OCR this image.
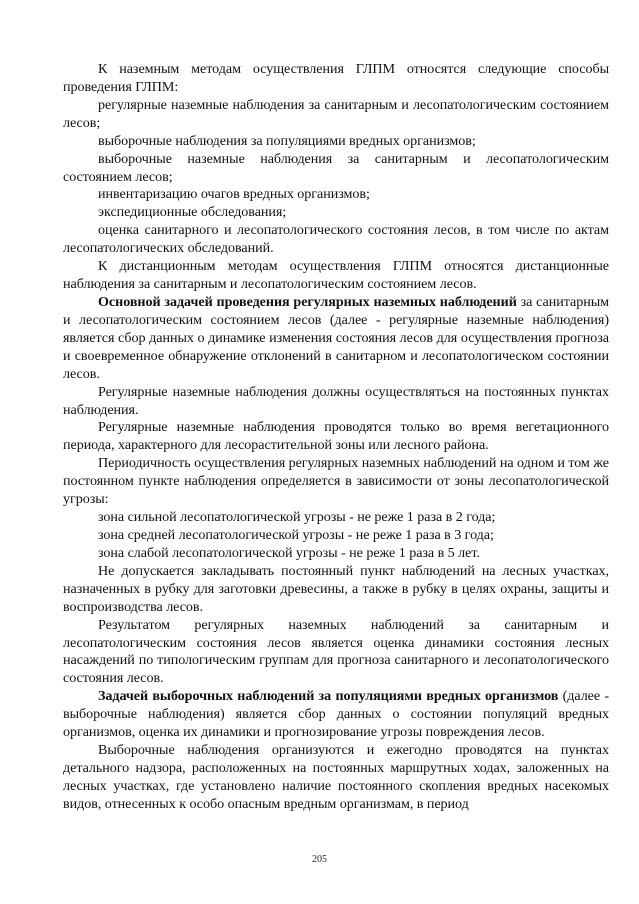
К наземным методам осуществления ГЛПМ относятся следующие способы проведения ГЛПМ:

регулярные наземные наблюдения за санитарным и лесопатологическим состоянием лесов;

выборочные наблюдения за популяциями вредных организмов;

выборочные наземные наблюдения за санитарным и лесопатологическим состоянием лесов;

инвентаризацию очагов вредных организмов;

экспедиционные обследования;

оценка санитарного и лесопатологического состояния лесов, в том числе по актам лесопатологических обследований.

К дистанционным методам осуществления ГЛПМ относятся дистанционные наблюдения за санитарным и лесопатологическим состоянием лесов.

Основной задачей проведения регулярных наземных наблюдений за санитарным и лесопатологическим состоянием лесов (далее - регулярные наземные наблюдения) является сбор данных о динамике изменения состояния лесов для осуществления прогноза и своевременное обнаружение отклонений в санитарном и лесопатологическом состоянии лесов.

Регулярные наземные наблюдения должны осуществляться на постоянных пунктах наблюдения.

Регулярные наземные наблюдения проводятся только во время вегетационного периода, характерного для лесорастительной зоны или лесного района.

Периодичность осуществления регулярных наземных наблюдений на одном и том же постоянном пункте наблюдения определяется в зависимости от зоны лесопатологической угрозы:

зона сильной лесопатологической угрозы - не реже 1 раза в 2 года;

зона средней лесопатологической угрозы - не реже 1 раза в 3 года;

зона слабой лесопатологической угрозы - не реже 1 раза в 5 лет.

Не допускается закладывать постоянный пункт наблюдений на лесных участках, назначенных в рубку для заготовки древесины, а также в рубку в целях охраны, защиты и воспроизводства лесов.

Результатом регулярных наземных наблюдений за санитарным и лесопатологическим состояния лесов является оценка динамики состояния лесных насаждений по типологическим группам для прогноза санитарного и лесопатологического состояния лесов.

Задачей выборочных наблюдений за популяциями вредных организмов (далее - выборочные наблюдения) является сбор данных о состоянии популяций вредных организмов, оценка их динамики и прогнозирование угрозы повреждения лесов.

Выборочные наблюдения организуются и ежегодно проводятся на пунктах детального надзора, расположенных на постоянных маршрутных ходах, заложенных на лесных участках, где установлено наличие постоянного скопления вредных насекомых видов, отнесенных к особо опасным вредным организмам, в период

205
